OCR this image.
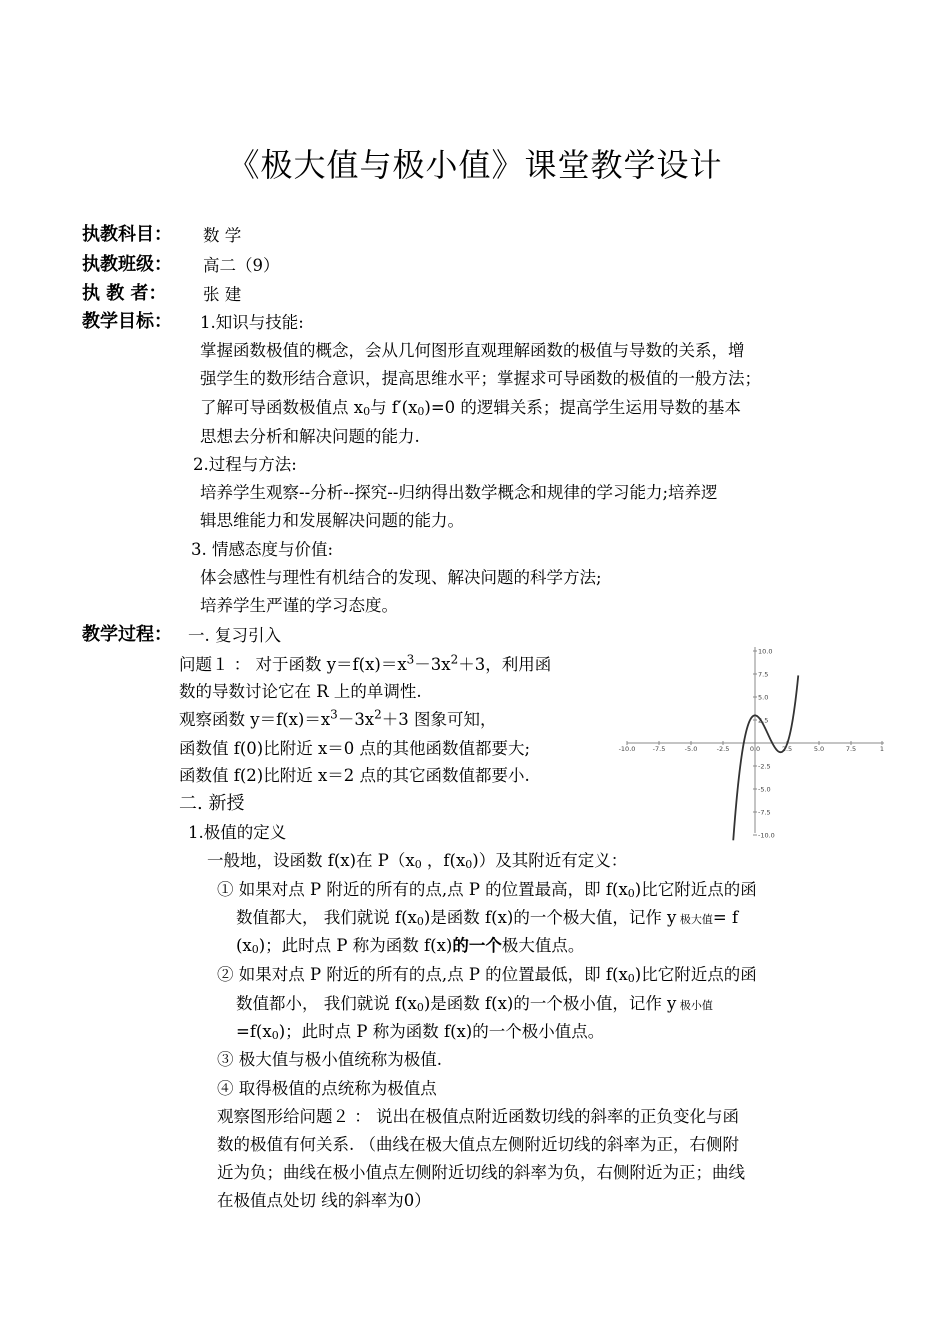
《极大值与极小值》课堂教学设计
执教科目： 数 学
执教班级： 高二（9）
执 教 者： 张 建
教学目标： 1.知识与技能:
掌握函数极值的概念，会从几何图形直观理解函数的极值与导数的关系，增
强学生的数形结合意识，提高思维水平；掌握求可导函数的极值的一般方法；
了解可导函数极值点 x0与 f′(x0)=0 的逻辑关系；提高学生运用导数的基本
思想去分析和解决问题的能力.
2.过程与方法:
培养学生观察--分析--探究--归纳得出数学概念和规律的学习能力;培养逻
辑思维能力和发展解决问题的能力。
3. 情感态度与价值:
体会感性与理性有机结合的发现、解决问题的科学方法;
培养学生严谨的学习态度。
教学过程： 一. 复习引入
问题１ ： 对于函数 $y=f(x)=x^3-3x^2+3$，利用函
数的导数讨论它在 R 上的单调性.
观察函数 $y=f(x)=x^3-3x^2+3$ 图象可知，
函数值 f(0)比附近 x＝0 点的其他函数值都要大;
函数值 f(2)比附近 x＝2 点的其它函数值都要小.
-10.0	-7.5	-5.0	-2.5	0.0	2.5	5.0	7.5	1
10.0
7.5
5.0
2.5
-2.5
-5.0
-7.5
-10.0
二. 新授
1.极值的定义
一般地，设函数 f(x)在 P（x0 ，f(x0)）及其附近有定义：
① 如果对点 P 附近的所有的点,点 P 的位置最高，即 f(x0)比它附近点的函
数值都大， 我们就说 f(x0)是函数 f(x)的一个极大值，记作 y 极大值= f
(x0)；此时点 P 称为函数 f(x)的一个极大值点。
② 如果对点 P 附近的所有的点,点 P 的位置最低，即 f(x0)比它附近点的函
数值都小， 我们就说 f(x0)是函数 f(x)的一个极小值，记作 y 极小值
=f(x0)；此时点 P 称为函数 f(x)的一个极小值点。
③ 极大值与极小值统称为极值.
④ 取得极值的点统称为极值点
观察图形给问题２ ： 说出在极值点附近函数切线的斜率的正负变化与函
数的极值有何关系. （曲线在极大值点左侧附近切线的斜率为正，右侧附
近为负；曲线在极小值点左侧附近切线的斜率为负，右侧附近为正；曲线
在极值点处切 线的斜率为0）
